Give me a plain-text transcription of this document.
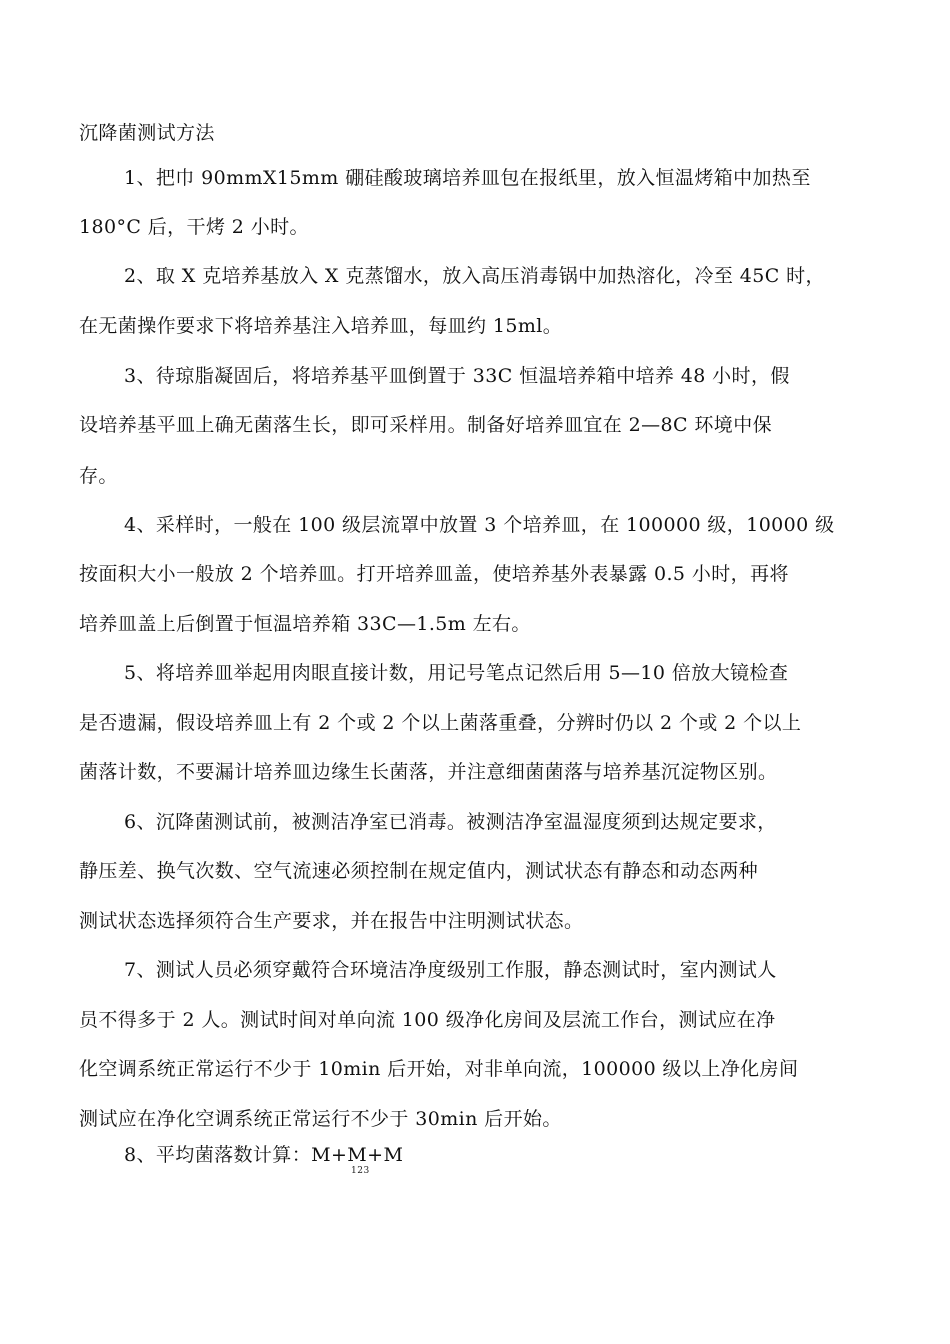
沉降菌测试方法
1、把巾 90mmX15mm 硼硅酸玻璃培养皿包在报纸里，放入恒温烤箱中加热至
180°C 后，干烤 2 小时。
2、取 X 克培养基放入 X 克蒸馏水，放入高压消毒锅中加热溶化，冷至 45C 时，
在无菌操作要求下将培养基注入培养皿，每皿约 15ml。
3、待琼脂凝固后，将培养基平皿倒置于 33C 恒温培养箱中培养 48 小时，假
设培养基平皿上确无菌落生长，即可采样用。制备好培养皿宜在 2—8C 环境中保
存。
4、采样时，一般在 100 级层流罩中放置 3 个培养皿，在 100000 级，10000 级
按面积大小一般放 2 个培养皿。打开培养皿盖，使培养基外表暴露 0.5 小时，再将
培养皿盖上后倒置于恒温培养箱 33C—1.5m 左右。
5、将培养皿举起用肉眼直接计数，用记号笔点记然后用 5—10 倍放大镜检查
是否遗漏，假设培养皿上有 2 个或 2 个以上菌落重叠，分辨时仍以 2 个或 2 个以上
菌落计数，不要漏计培养皿边缘生长菌落，并注意细菌菌落与培养基沉淀物区别。
6、沉降菌测试前，被测洁净室已消毒。被测洁净室温湿度须到达规定要求，
静压差、换气次数、空气流速必须控制在规定值内，测试状态有静态和动态两种
测试状态选择须符合生产要求，并在报告中注明测试状态。
7、测试人员必须穿戴符合环境洁净度级别工作服，静态测试时，室内测试人
员不得多于 2 人。测试时间对单向流 100 级净化房间及层流工作台，测试应在净
化空调系统正常运行不少于 10min 后开始，对非单向流，100000 级以上净化房间
测试应在净化空调系统正常运行不少于 30min 后开始。
8、平均菌落数计算：M+M+M
123
